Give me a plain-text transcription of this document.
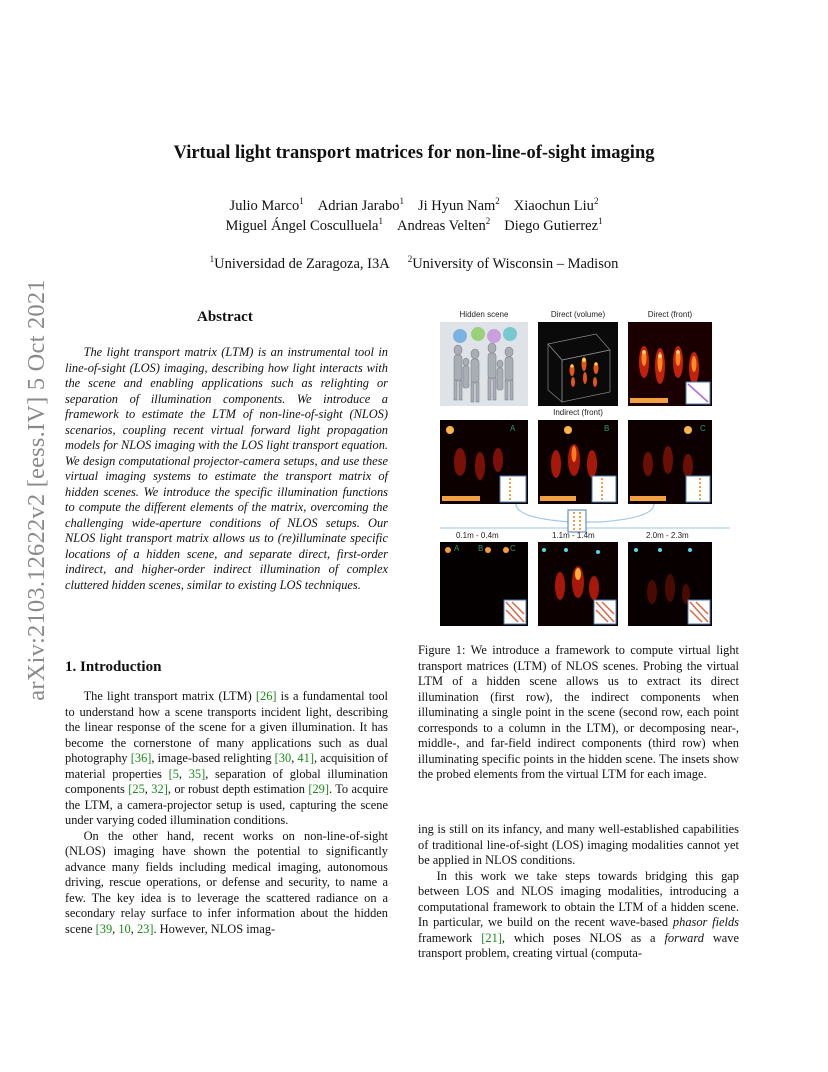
arXiv:2103.12622v2 [eess.IV] 5 Oct 2021
Virtual light transport matrices for non-line-of-sight imaging
Julio Marco$^1$ Adrian Jarabo$^1$ Ji Hyun Nam$^2$ Xiaochun Liu$^2$
Miguel Ángel Cosculluela$^1$ Andreas Velten$^2$ Diego Gutierrez$^1$
$^1$Universidad de Zaragoza, I3A $^2$University of Wisconsin – Madison
Abstract
The light transport matrix (LTM) is an instrumental tool in line-of-sight (LOS) imaging, describing how light interacts with the scene and enabling applications such as relighting or separation of illumination components. We introduce a framework to estimate the LTM of non-line-of-sight (NLOS) scenarios, coupling recent virtual forward light propagation models for NLOS imaging with the LOS light transport equation. We design computational projector-camera setups, and use these virtual imaging systems to estimate the transport matrix of hidden scenes. We introduce the specific illumination functions to compute the different elements of the matrix, overcoming the challenging wide-aperture conditions of NLOS setups. Our NLOS light transport matrix allows us to (re)illuminate specific locations of a hidden scene, and separate direct, first-order indirect, and higher-order indirect illumination of complex cluttered hidden scenes, similar to existing LOS techniques.
1. Introduction

The light transport matrix (LTM) [26] is a fundamental tool to understand how a scene transports incident light, describing the linear response of the scene for a given illumination. It has become the cornerstone of many applications such as dual photography [36], image-based relighting [30, 41], acquisition of material properties [5, 35], separation of global illumination components [25, 32], or robust depth estimation [29]. To acquire the LTM, a camera-projector setup is used, capturing the scene under varying coded illumination conditions.

On the other hand, recent works on non-line-of-sight (NLOS) imaging have shown the potential to significantly advance many fields including medical imaging, autonomous driving, rescue operations, or defense and security, to name a few. The key idea is to leverage the scattered radiance on a secondary relay surface to infer information about the hidden scene [39, 10, 23]. However, NLOS imag-

Hidden scene	Direct (volume)	Direct (front)
Indirect (front)
A	B	C
0.1m - 0.4m	1.1m - 1.4m	2.0m - 2.3m
A B	C
Figure 1: We introduce a framework to compute virtual light transport matrices (LTM) of NLOS scenes. Probing the virtual LTM of a hidden scene allows us to extract its direct illumination (first row), the indirect components when illuminating a single point in the scene (second row, each point corresponds to a column in the LTM), or decomposing near-, middle-, and far-field indirect components (third row) when illuminating specific points in the hidden scene. The insets show the probed elements from the virtual LTM for each image.

ing is still on its infancy, and many well-established capabilities of traditional line-of-sight (LOS) imaging modalities cannot yet be applied in NLOS conditions.

In this work we take steps towards bridging this gap between LOS and NLOS imaging modalities, introducing a computational framework to obtain the LTM of a hidden scene. In particular, we build on the recent wave-based phasor fields framework [21], which poses NLOS as a forward wave transport problem, creating virtual (computa-
